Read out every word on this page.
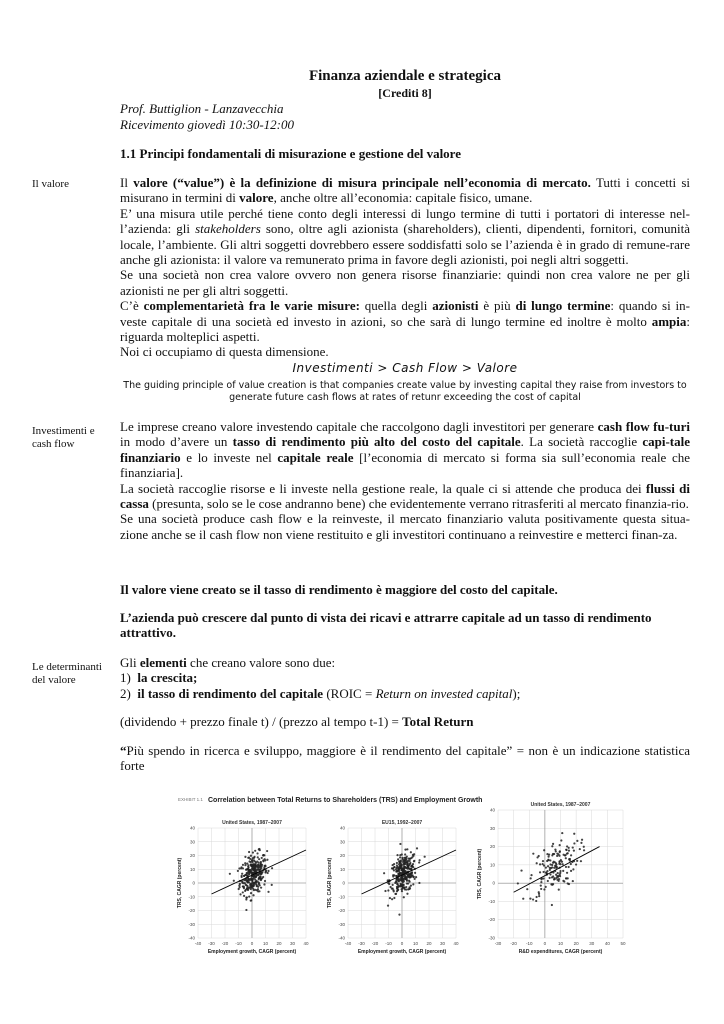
Finanza aziendale e strategica
[Crediti 8]
Prof. Buttiglion - Lanzavecchia
Ricevimento giovedì 10:30-12:00
1.1 Principi fondamentali di misurazione e gestione del valore
Il valore	Il valore (“value”) è la definizione di misura principale nell’economia di mercato. Tutti i concetti si misurano in termini di valore, anche oltre all’economia: capitale fisico, umane.

E’ una misura utile perché tiene conto degli interessi di lungo termine di tutti i portatori di interesse nel-l’azienda: gli stakeholders sono, oltre agli azionista (shareholders), clienti, dipendenti, fornitori, comunità locale, l’ambiente. Gli altri soggetti dovrebbero essere soddisfatti solo se l’azienda è in grado di remune-rare anche gli azionista: il valore va remunerato prima in favore degli azionisti, poi negli altri soggetti.

Se una società non crea valore ovvero non genera risorse finanziarie: quindi non crea valore ne per gli azionisti ne per gli altri soggetti.

C’è complementarietà fra le varie misure: quella degli azionisti è più di lungo termine: quando si in-veste capitale di una società ed investo in azioni, so che sarà di lungo termine ed inoltre è molto ampia: riguarda molteplici aspetti.

Noi ci occupiamo di questa dimensione.

Investimenti > Cash Flow > Valore
The guiding principle of value creation is that companies create value by investing capital they raise from investors to generate future cash flows at rates of retunr exceeding the cost of capital
Investimenti e cash flow

Le imprese creano valore investendo capitale che raccolgono dagli investitori per generare cash flow fu-turi in modo d’avere un tasso di rendimento più alto del costo del capitale. La società raccoglie capi-tale finanziario e lo investe nel capitale reale [l’economia di mercato si forma sia sull’economia reale che finanziaria].

La società raccoglie risorse e li investe nella gestione reale, la quale ci si attende che produca dei flussi di cassa (presunta, solo se le cose andranno bene) che evidentemente verrano ritrasferiti al mercato finanzia-rio.

Se una società produce cash flow e la reinveste, il mercato finanziario valuta positivamente questa situa-zione anche se il cash flow non viene restituito e gli investitori continuano a reinvestire e metterci finan-za.

Il valore viene creato se il tasso di rendimento è maggiore del costo del capitale.
L’azienda può crescere dal punto di vista dei ricavi e attrarre capitale ad un tasso di rendimento attrattivo.
Le determinanti del valore

Gli elementi che creano valore sono due:

1) la crescita;

2) il tasso di rendimento del capitale (ROIC = Return on invested capital);

(dividendo + prezzo finale t) / (prezzo al tempo t-1) = Total Return

“Più spendo in ricerca e sviluppo, maggiore è il rendimento del capitale” = non è un indicazione statistica forte

EXHIBIT 1.1 Correlation between Total Returns to Shareholders (TRS) and Employment Growth
United States, 1987–2007
-40
-30
-20
-10
0
10
20
30
40
-40 -30 -20 -10 0 10 20 30 40
Employment growth, CAGR (percent)
TRS, CAGR (percent)
EU15, 1992–2007
-40
-30
-20
-10
0
10
20
30
40
-40 -30 -20 -10 0 10 20 30 40
Employment growth, CAGR (percent)
TRS, CAGR (percent)
United States, 1987–2007
-30
-20
-10
0
10
20
30
40
-30 -20 -10 0	10 20 30 40 50
R&D expenditures, CAGR (percent)
TRS, CAGR (percent)
